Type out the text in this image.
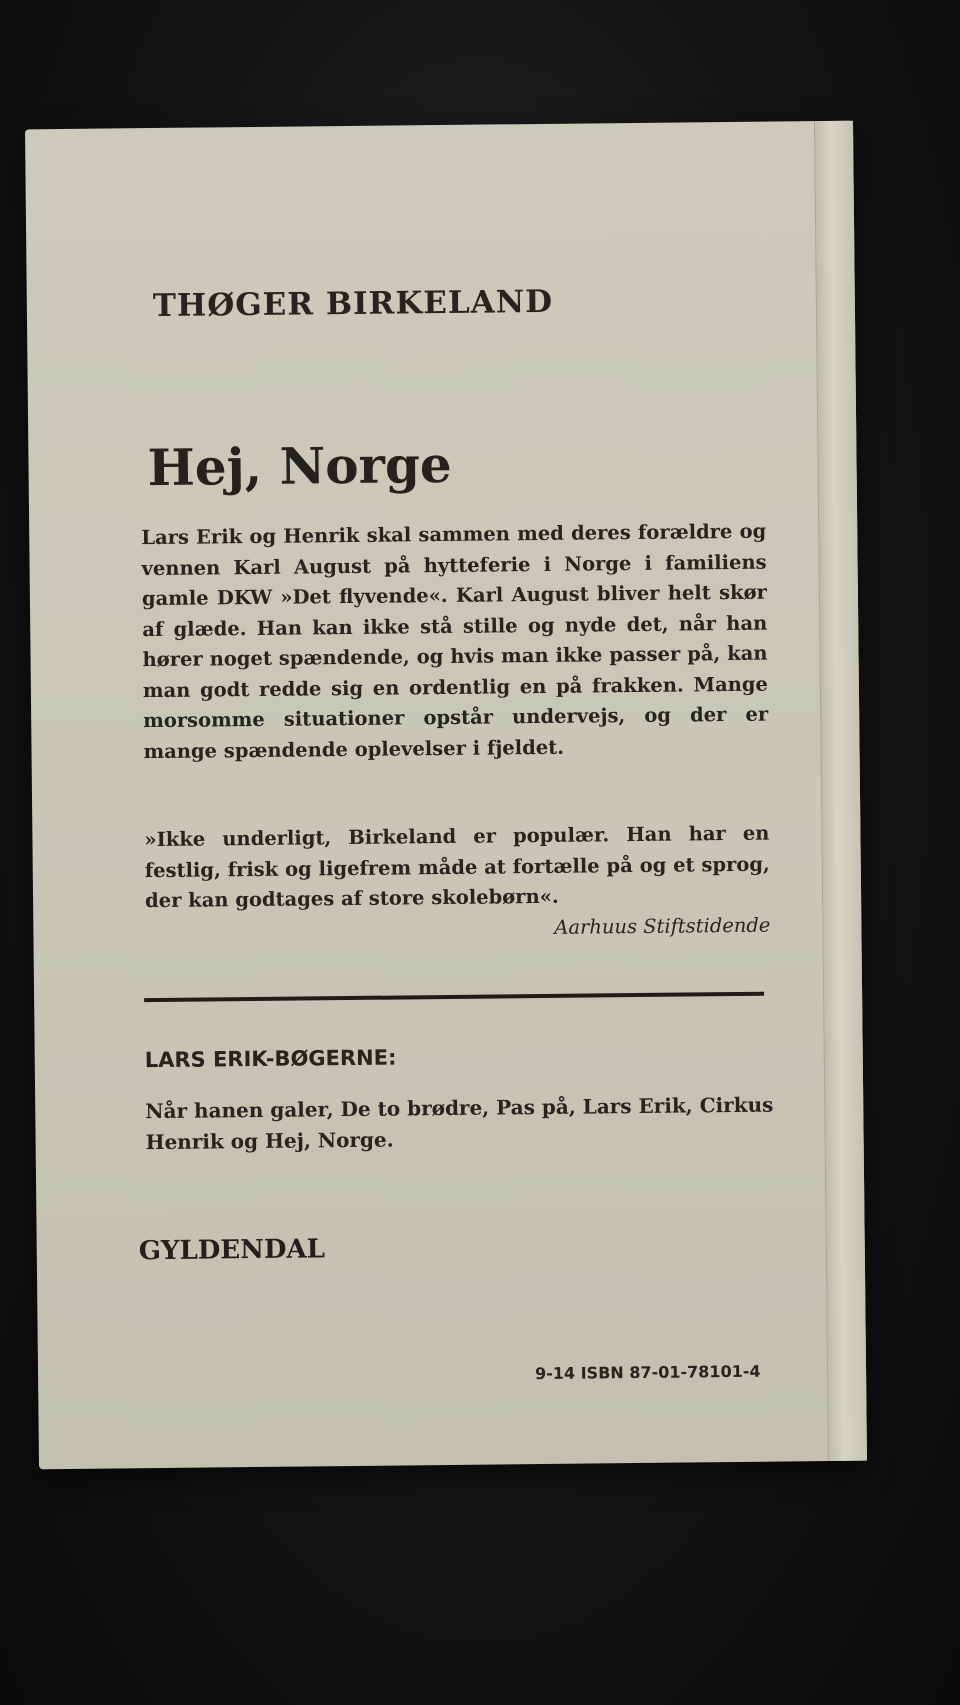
THØGER BIRKELAND
Hej, Norge

Lars Erik og Henrik skal sammen med deres forældre og vennen Karl August på hytteferie i Norge i familiens gamle DKW »Det flyvende«. Karl August bliver helt skør af glæde. Han kan ikke stå stille og nyde det, når han hører noget spændende, og hvis man ikke passer på, kan man godt redde sig en ordentlig en på frakken. Mange morsomme situationer opstår undervejs, og der er mange spændende oplevelser i fjeldet.

»Ikke underligt, Birkeland er populær. Han har en festlig, frisk og ligefrem måde at fortælle på og et sprog, der kan godtages af store skolebørn«.

Aarhuus Stiftstidende
LARS ERIK-BØGERNE:
Når hanen galer, De to brødre, Pas på, Lars Erik, Cirkus Henrik og Hej, Norge.
GYLDENDAL
9-14 ISBN 87-01-78101-4
